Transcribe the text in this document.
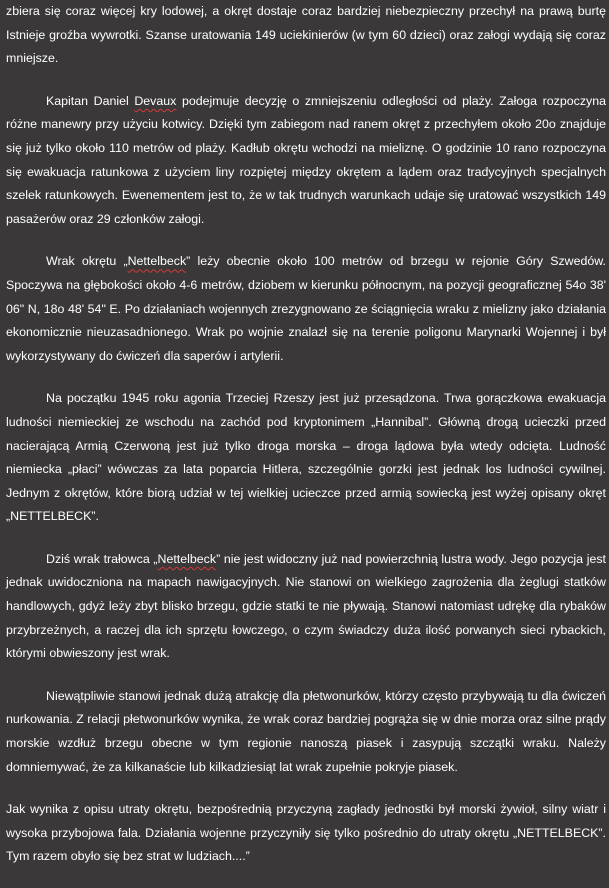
zbiera się coraz więcej kry lodowej, a okręt dostaje coraz bardziej niebezpieczny przechył na prawą burtę Istnieje groźba wywrotki. Szanse uratowania 149 uciekinierów (w tym 60 dzieci) oraz załogi wydają się coraz mniejsze.

Kapitan Daniel Devaux podejmuje decyzję o zmniejszeniu odległości od plaży. Załoga rozpoczyna różne manewry przy użyciu kotwicy. Dzięki tym zabiegom nad ranem okręt z przechyłem około 20o znajduje się już tylko około 110 metrów od plaży. Kadłub okrętu wchodzi na mieliznę. O godzinie 10 rano rozpoczyna się ewakuacja ratunkowa z użyciem liny rozpiętej między okrętem a lądem oraz tradycyjnych specjalnych szelek ratunkowych. Ewenementem jest to, że w tak trudnych warunkach udaje się uratować wszystkich 149 pasażerów oraz 29 członków załogi.

Wrak okrętu „Nettelbeck” leży obecnie około 100 metrów od brzegu w rejonie Góry Szwedów. Spoczywa na głębokości około 4-6 metrów, dziobem w kierunku północnym, na pozycji geograficznej 54o 38' 06" N, 18o 48' 54" E. Po działaniach wojennych zrezygnowano ze ściągnięcia wraku z mielizny jako działania ekonomicznie nieuzasadnionego. Wrak po wojnie znalazł się na terenie poligonu Marynarki Wojennej i był wykorzystywany do ćwiczeń dla saperów i artylerii.

Na początku 1945 roku agonia Trzeciej Rzeszy jest już przesądzona. Trwa gorączkowa ewakuacja ludności niemieckiej ze wschodu na zachód pod kryptonimem „Hannibal”. Główną drogą ucieczki przed nacierającą Armią Czerwoną jest już tylko droga morska – droga lądowa była wtedy odcięta. Ludność niemiecka „płaci” wówczas za lata poparcia Hitlera, szczególnie gorzki jest jednak los ludności cywilnej. Jednym z okrętów, które biorą udział w tej wielkiej ucieczce przed armią sowiecką jest wyżej opisany okręt „NETTELBECK”.

Dziś wrak trałowca „Nettelbeck” nie jest widoczny już nad powierzchnią lustra wody. Jego pozycja jest jednak uwidoczniona na mapach nawigacyjnych. Nie stanowi on wielkiego zagrożenia dla żeglugi statków handlowych, gdyż leży zbyt blisko brzegu, gdzie statki te nie pływają. Stanowi natomiast udrękę dla rybaków przybrzeżnych, a raczej dla ich sprzętu łowczego, o czym świadczy duża ilość porwanych sieci rybackich, którymi obwieszony jest wrak.

Niewątpliwie stanowi jednak dużą atrakcję dla płetwonurków, którzy często przybywają tu dla ćwiczeń nurkowania. Z relacji płetwonurków wynika, że wrak coraz bardziej pogrąża się w dnie morza oraz silne prądy morskie wzdłuż brzegu obecne w tym regionie nanoszą piasek i zasypują szczątki wraku. Należy domniemywać, że za kilkanaście lub kilkadziesiąt lat wrak zupełnie pokryje piasek.

Jak wynika z opisu utraty okrętu, bezpośrednią przyczyną zagłady jednostki był morski żywioł, silny wiatr i wysoka przybojowa fala. Działania wojenne przyczyniły się tylko pośrednio do utraty okrętu „NETTELBECK”. Tym razem obyło się bez strat w ludziach....”
